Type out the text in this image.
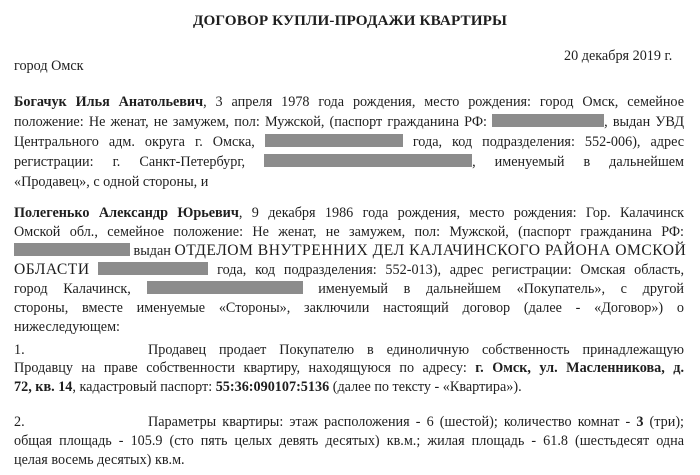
ДОГОВОР КУПЛИ-ПРОДАЖИ КВАРТИРЫ
город Омск
20 декабря 2019 г.
Богачук Илья Анатольевич, 3 апреля 1978 года рождения, место рождения: город Омск, семейное
положение: Не женат, не замужем, пол: Мужской, (паспорт гражданина РФ:	, выдан УВД
Центрального адм. округа г. Омска,	года, код подразделения: 552-006), адрес
регистрации: г. Санкт-Петербург,	, именуемый в дальнейшем
«Продавец», с одной стороны, и
Полегенько Александр Юрьевич, 9 декабря 1986 года рождения, место рождения: Гор. Калачинск
Омской обл., семейное положение: Не женат, не замужем, пол: Мужской, (паспорт гражданина РФ:
выдан ОТДЕЛОМ ВНУТРЕННИХ ДЕЛ КАЛАЧИНСКОГО РАЙОНА ОМСКОЙ
ОБЛАСТИ	года, код подразделения: 552-013), адрес регистрации: Омская область,
город Калачинск,	именуемый в дальнейшем «Покупатель», с другой
стороны, вместе именуемые «Стороны», заключили настоящий договор (далее - «Договор») о
нижеследующем:
1.	Продавец продает Покупателю в единоличную собственность принадлежащую
Продавцу на праве собственности квартиру, находящуюся по адресу: г. Омск, ул. Масленникова, д.
72, кв. 14, кадастровый паспорт: 55:36:090107:5136 (далее по тексту - «Квартира»).
2.	Параметры квартиры: этаж расположения - 6 (шестой); количество комнат - 3 (три);
общая площадь - 105.9 (сто пять целых девять десятых) кв.м.; жилая площадь - 61.8 (шестьдесят одна
целая восемь десятых) кв.м.
